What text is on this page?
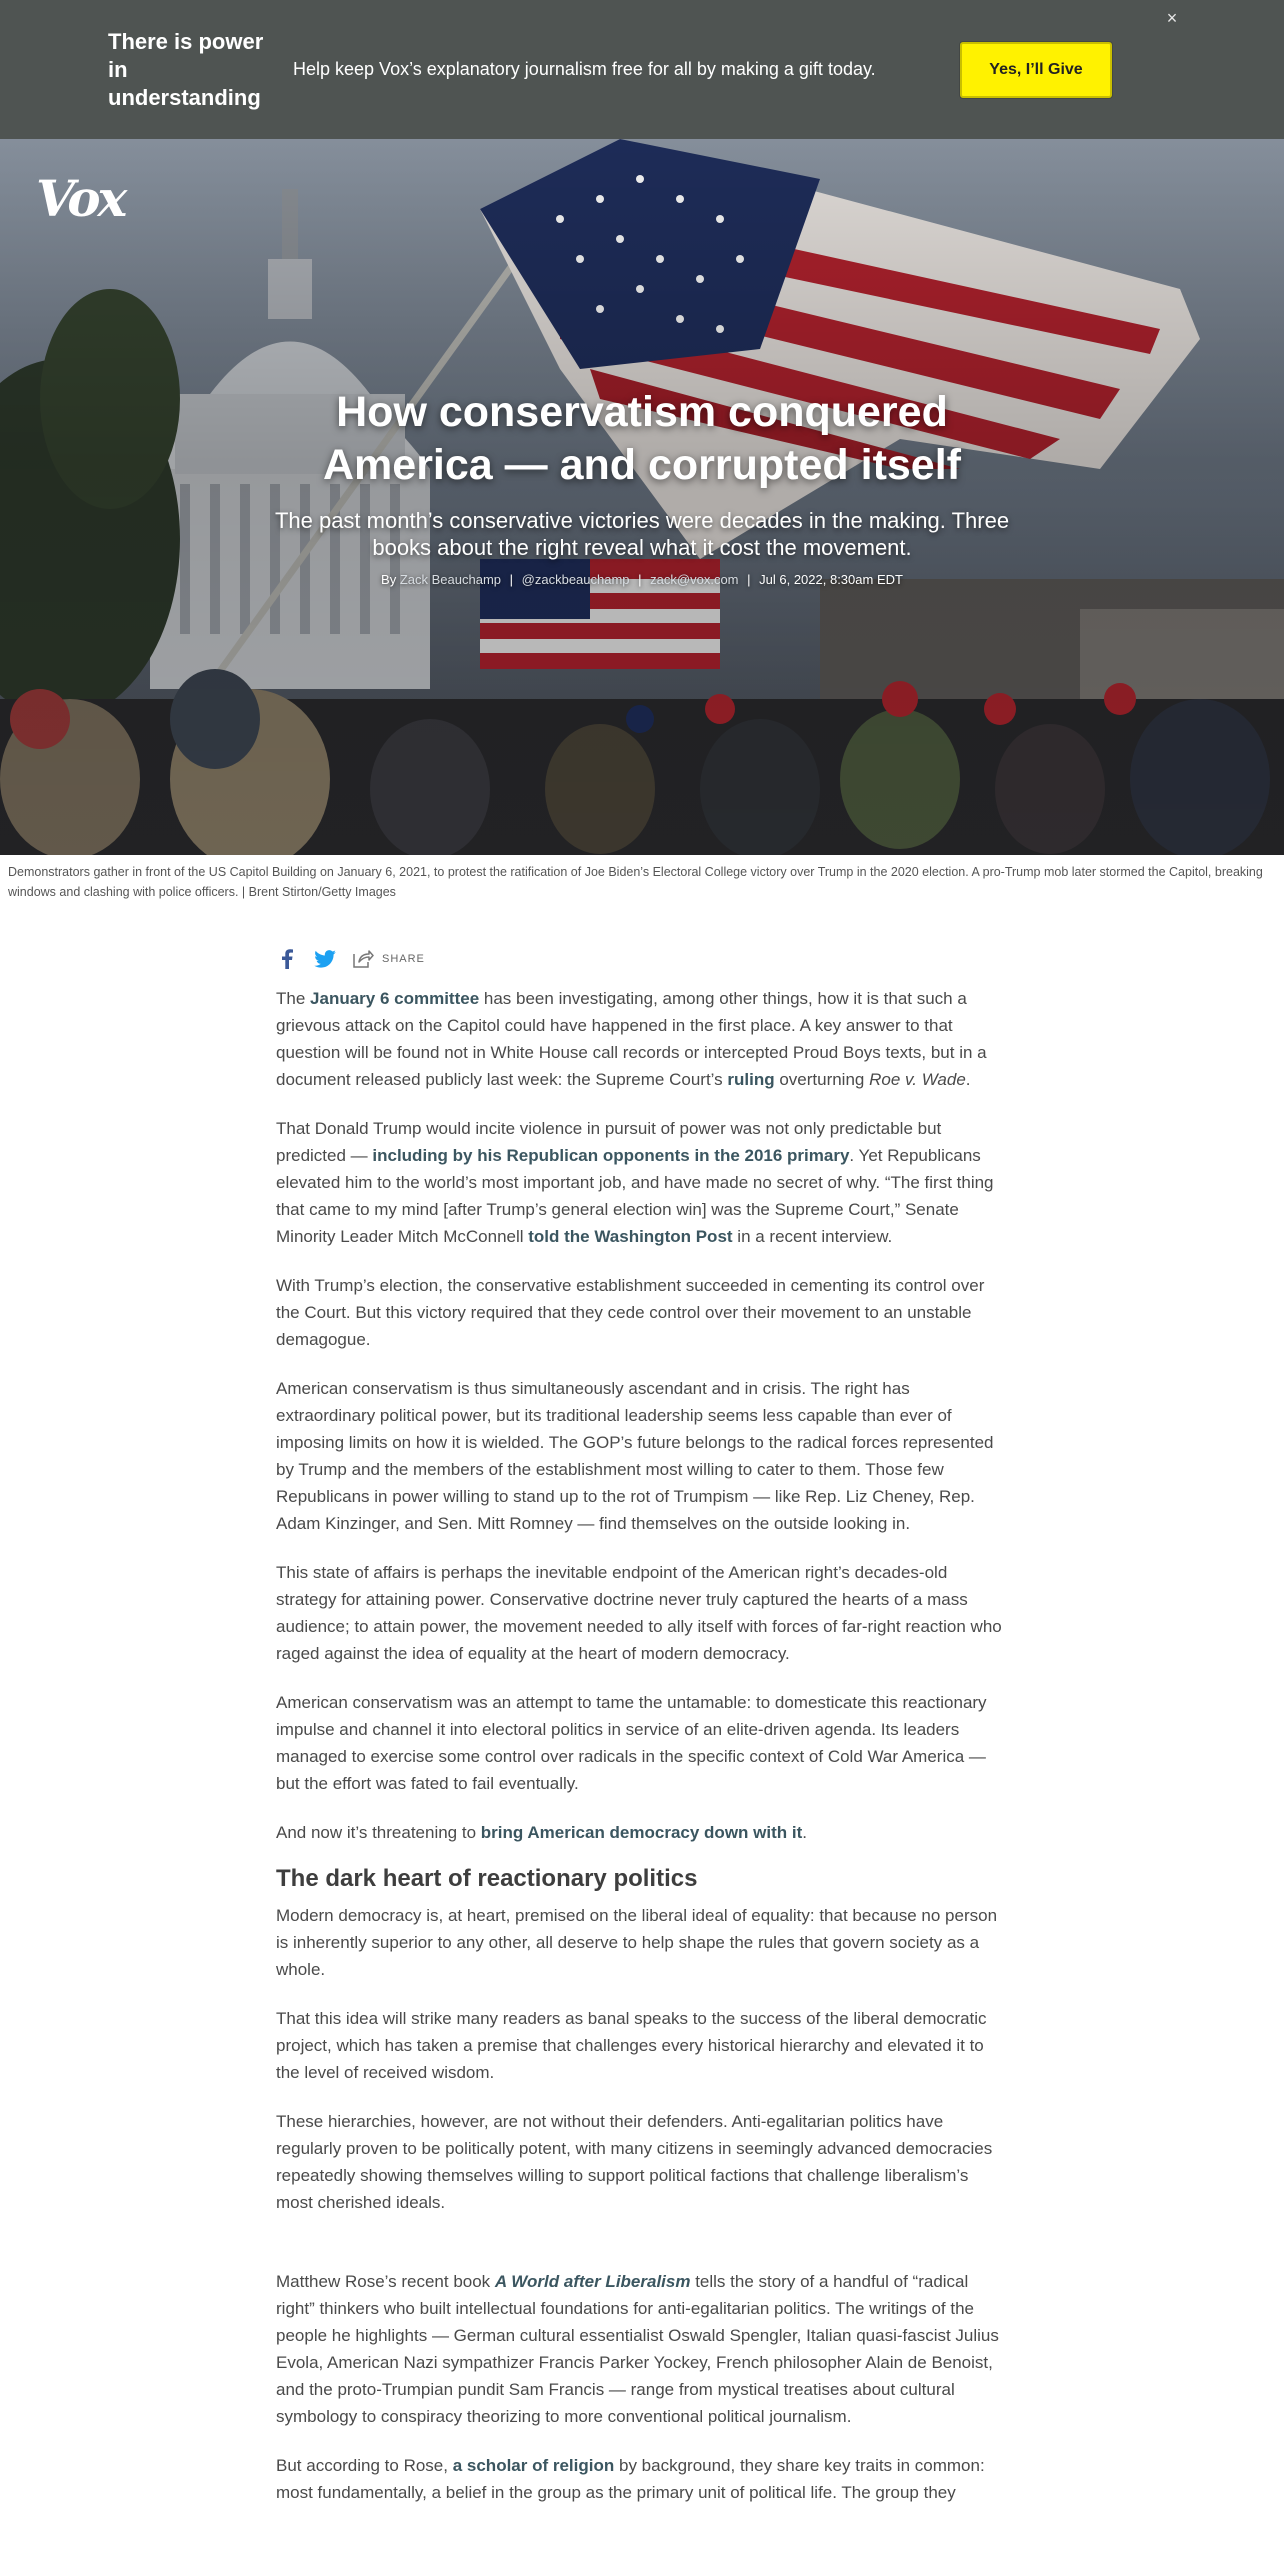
There is power in understanding
Help keep Vox’s explanatory journalism free for all by making a gift today.	Yes, I’ll Give
×
Vox
How conservatism conquered America — and corrupted itself
The past month’s conservative victories were decades in the making. Three books about the right reveal what it cost the movement.
By Zack Beauchamp | @zackbeauchamp | zack@vox.com | Jul 6, 2022, 8:30am EDT
Demonstrators gather in front of the US Capitol Building on January 6, 2021, to protest the ratification of Joe Biden’s Electoral College victory over Trump in the 2020 election. A pro-Trump mob later stormed the Capitol, breaking windows and clashing with police officers. | Brent Stirton/Getty Images
SHARE

The January 6 committee has been investigating, among other things, how it is that such a grievous attack on the Capitol could have happened in the first place. A key answer to that question will be found not in White House call records or intercepted Proud Boys texts, but in a document released publicly last week: the Supreme Court’s ruling overturning Roe v. Wade.

That Donald Trump would incite violence in pursuit of power was not only predictable but predicted — including by his Republican opponents in the 2016 primary. Yet Republicans elevated him to the world’s most important job, and have made no secret of why. “The first thing that came to my mind [after Trump’s general election win] was the Supreme Court,” Senate Minority Leader Mitch McConnell told the Washington Post in a recent interview.

With Trump’s election, the conservative establishment succeeded in cementing its control over the Court. But this victory required that they cede control over their movement to an unstable demagogue.

American conservatism is thus simultaneously ascendant and in crisis. The right has extraordinary political power, but its traditional leadership seems less capable than ever of imposing limits on how it is wielded. The GOP’s future belongs to the radical forces represented by Trump and the members of the establishment most willing to cater to them. Those few Republicans in power willing to stand up to the rot of Trumpism — like Rep. Liz Cheney, Rep. Adam Kinzinger, and Sen. Mitt Romney — find themselves on the outside looking in.

This state of affairs is perhaps the inevitable endpoint of the American right’s decades-old strategy for attaining power. Conservative doctrine never truly captured the hearts of a mass audience; to attain power, the movement needed to ally itself with forces of far-right reaction who raged against the idea of equality at the heart of modern democracy.

American conservatism was an attempt to tame the untamable: to domesticate this reactionary impulse and channel it into electoral politics in service of an elite-driven agenda. Its leaders managed to exercise some control over radicals in the specific context of Cold War America — but the effort was fated to fail eventually.

And now it’s threatening to bring American democracy down with it.

The dark heart of reactionary politics

Modern democracy is, at heart, premised on the liberal ideal of equality: that because no person is inherently superior to any other, all deserve to help shape the rules that govern society as a whole.

That this idea will strike many readers as banal speaks to the success of the liberal democratic project, which has taken a premise that challenges every historical hierarchy and elevated it to the level of received wisdom.

These hierarchies, however, are not without their defenders. Anti-egalitarian politics have regularly proven to be politically potent, with many citizens in seemingly advanced democracies repeatedly showing themselves willing to support political factions that challenge liberalism’s most cherished ideals.

Matthew Rose’s recent book A World after Liberalism tells the story of a handful of “radical right” thinkers who built intellectual foundations for anti-egalitarian politics. The writings of the people he highlights — German cultural essentialist Oswald Spengler, Italian quasi-fascist Julius Evola, American Nazi sympathizer Francis Parker Yockey, French philosopher Alain de Benoist, and the proto-Trumpian pundit Sam Francis — range from mystical treatises about cultural symbology to conspiracy theorizing to more conventional political journalism.

But according to Rose, a scholar of religion by background, they share key traits in common: most fundamentally, a belief in the group as the primary unit of political life. The group they
